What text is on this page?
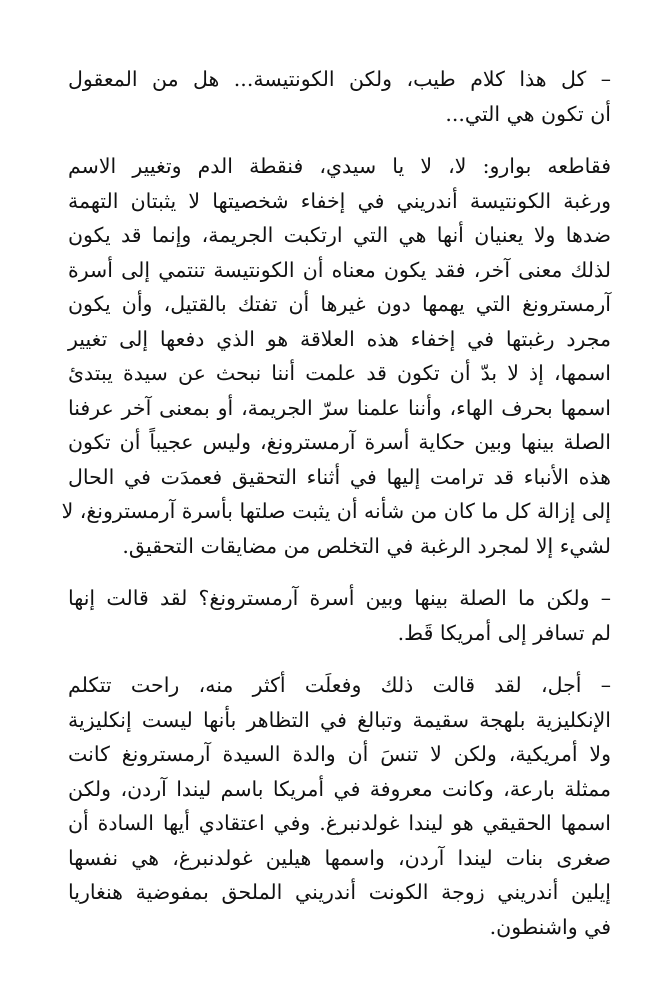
– كل هذا كلام طيب، ولكن الكونتيسة... هل من المعقول
أن تكون هي التي...

فقاطعه بوارو: لا، لا يا سيدي، فنقطة الدم وتغيير الاسم
ورغبة الكونتيسة أندريني في إخفاء شخصيتها لا يثبتان التهمة
ضدها ولا يعنيان أنها هي التي ارتكبت الجريمة، وإنما قد يكون
لذلك معنى آخر، فقد يكون معناه أن الكونتيسة تنتمي إلى أسرة
آرمسترونغ التي يهمها دون غيرها أن تفتك بالقتيل، وأن يكون
مجرد رغبتها في إخفاء هذه العلاقة هو الذي دفعها إلى تغيير
اسمها، إذ لا بدّ أن تكون قد علمت أننا نبحث عن سيدة يبتدئ
اسمها بحرف الهاء، وأننا علمنا سرّ الجريمة، أو بمعنى آخر عرفنا
الصلة بينها وبين حكاية أسرة آرمسترونغ، وليس عجيباً أن تكون
هذه الأنباء قد ترامت إليها في أثناء التحقيق فعمدَت في الحال
إلى إزالة كل ما كان من شأنه أن يثبت صلتها بأسرة آرمسترونغ، لا
لشيء إلا لمجرد الرغبة في التخلص من مضايقات التحقيق.

– ولكن ما الصلة بينها وبين أسرة آرمسترونغ؟ لقد قالت إنها
لم تسافر إلى أمريكا قَط.

– أجل، لقد قالت ذلك وفعلَت أكثر منه، راحت تتكلم
الإنكليزية بلهجة سقيمة وتبالغ في التظاهر بأنها ليست إنكليزية
ولا أمريكية، ولكن لا تنسَ أن والدة السيدة آرمسترونغ كانت
ممثلة بارعة، وكانت معروفة في أمريكا باسم ليندا آردن، ولكن
اسمها الحقيقي هو ليندا غولدنبرغ. وفي اعتقادي أيها السادة أن
صغرى بنات ليندا آردن، واسمها هيلين غولدنبرغ، هي نفسها
إيلين أندريني زوجة الكونت أندريني الملحق بمفوضية هنغاريا
في واشنطون.
